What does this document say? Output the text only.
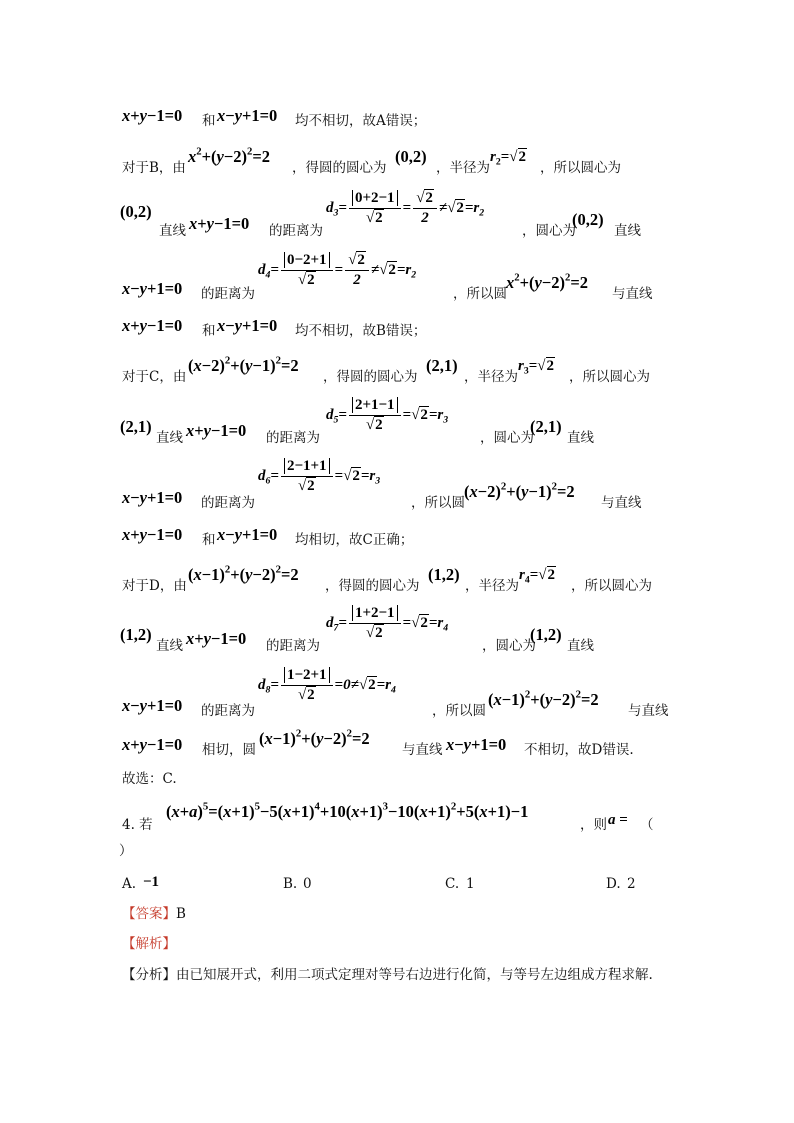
x+y−1=0 和 x−y+1=0 均不相切，故A错误；
对于B，由
$x^2+(y-2)^2=2$
，得圆的圆心为
(0,2)
，半径为
$r_2=√2$
，所以圆心为
(0,2)
直线 x+y−1=0 的距离为
$d_3= \frac{0+2-1}{√2} = \frac{√2}{2} \ne√2=r_2$
，圆心为
(0,2)
直线
x−y+1=0 的距离为
$d_4= \frac{0-2+1}{√2} = \frac{√2}{2} \ne√2=r_2$
，所以圆
$x^2+(y-2)^2=2$
与直线
x+y−1=0 和 x−y+1=0 均不相切，故B错误；
对于C，由
$(x-2)^2+(y-1)^2=2$
，得圆的圆心为
(2,1)
，半径为
$r_3=√2$
，所以圆心为
(2,1)
直线 x+y−1=0 的距离为
$d_5= \frac{2+1-1}{√2} =√2=r_3$
，圆心为
(2,1)
直线
x−y+1=0 的距离为
$d_6= \frac{2-1+1}{√2} =√2=r_3$
，所以圆
$(x-2)^2+(y-1)^2=2$
与直线
x+y−1=0 和 x−y+1=0 均相切，故C正确；
对于D，由
$(x-1)^2+(y-2)^2=2$
，得圆的圆心为
(1,2)
，半径为
$r_4=√2$
，所以圆心为
(1,2)
直线 x+y−1=0 的距离为
$d_7= \frac{1+2-1}{√2} =√2=r_4$
，圆心为
(1,2)
直线
x−y+1=0 的距离为
$d_8= \frac{1-2+1}{√2} =0\ne√2=r_4$
，所以圆
$(x-1)^2+(y-2)^2=2$
与直线
x+y−1=0 相切，圆
$(x-1)^2+(y-2)^2=2$
与直线 x−y+1=0 不相切，故D错误.
故选：C.
4. 若
$(x+a)^5=(x+1)^5-5(x+1)^4+10(x+1)^3-10(x+1)^2+5(x+1)-1$
，则 a = （
）
A. −1	B. 0	C. 1	D. 2
【答案】B
【解析】
【分析】由已知展开式，利用二项式定理对等号右边进行化简，与等号左边组成方程求解.
